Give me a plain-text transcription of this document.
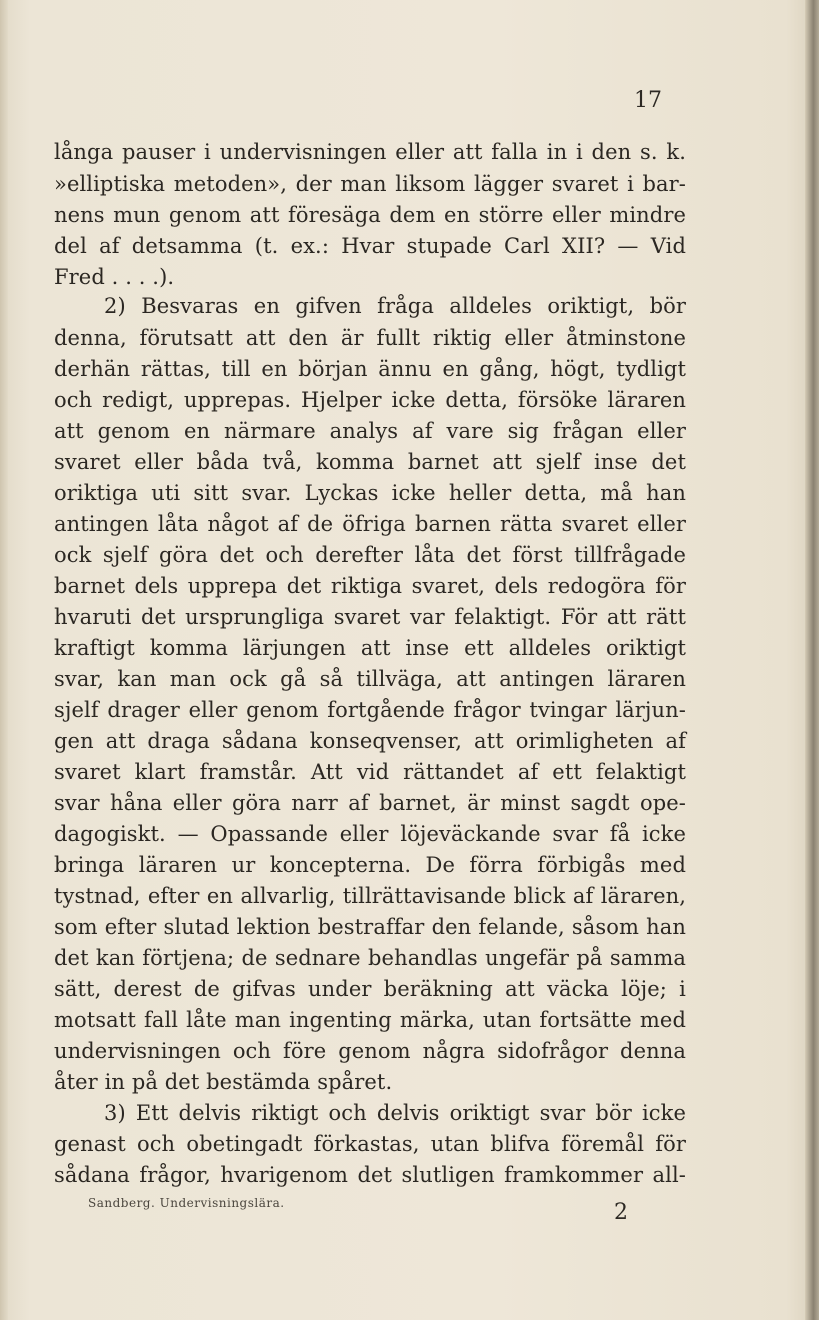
17
långa pauser i undervisningen eller att falla in i den s. k.
»elliptiska metoden», der man liksom lägger svaret i bar-
nens mun genom att föresäga dem en större eller mindre
del af detsamma (t. ex.: Hvar stupade Carl XII? — Vid
Fred . . . .).
2) Besvaras en gifven fråga alldeles oriktigt, bör
denna, förutsatt att den är fullt riktig eller åtminstone
derhän rättas, till en början ännu en gång, högt, tydligt
och redigt, upprepas. Hjelper icke detta, försöke läraren
att genom en närmare analys af vare sig frågan eller
svaret eller båda två, komma barnet att sjelf inse det
oriktiga uti sitt svar. Lyckas icke heller detta, må han
antingen låta något af de öfriga barnen rätta svaret eller
ock sjelf göra det och derefter låta det först tillfrågade
barnet dels upprepa det riktiga svaret, dels redogöra för
hvaruti det ursprungliga svaret var felaktigt. För att rätt
kraftigt komma lärjungen att inse ett alldeles oriktigt
svar, kan man ock gå så tillväga, att antingen läraren
sjelf drager eller genom fortgående frågor tvingar lärjun-
gen att draga sådana konseqvenser, att orimligheten af
svaret klart framstår. Att vid rättandet af ett felaktigt
svar håna eller göra narr af barnet, är minst sagdt ope-
dagogiskt. — Opassande eller löjeväckande svar få icke
bringa läraren ur koncepterna. De förra förbigås med
tystnad, efter en allvarlig, tillrättavisande blick af läraren,
som efter slutad lektion bestraffar den felande, såsom han
det kan förtjena; de sednare behandlas ungefär på samma
sätt, derest de gifvas under beräkning att väcka löje; i
motsatt fall låte man ingenting märka, utan fortsätte med
undervisningen och före genom några sidofrågor denna
åter in på det bestämda spåret.
3) Ett delvis riktigt och delvis oriktigt svar bör icke
genast och obetingadt förkastas, utan blifva föremål för
sådana frågor, hvarigenom det slutligen framkommer all-
Sandberg. Undervisningslära.	2
